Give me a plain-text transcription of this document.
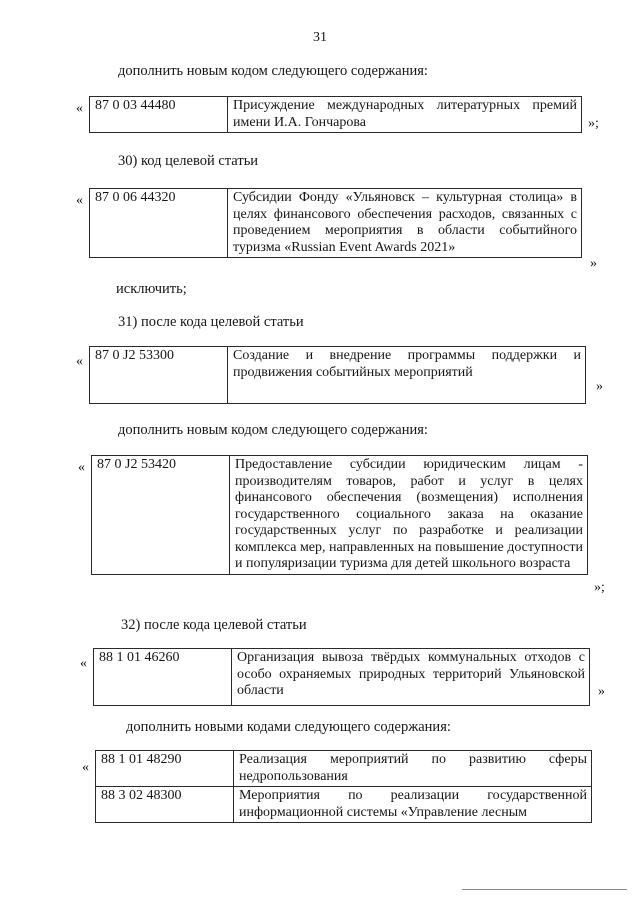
31
дополнить новым кодом следующего содержания:
« 87 0 03 44480	Присуждение международных литературных премий имени И.А. Гончарова	»;
30) код целевой статьи
« 87 0 06 44320	Субсидии Фонду «Ульяновск – культурная столица» в целях финансового обеспечения расходов, связанных с проведением мероприятия в области событийного туризма «Russian Event Awards 2021»
»
исключить;
31) после кода целевой статьи
« 87 0 J2 53300	Создание и внедрение программы поддержки и продвижения событийных мероприятий
»
дополнить новым кодом следующего содержания:
« 87 0 J2 53420	Предоставление субсидии юридическим лицам - производителям товаров, работ и услуг в целях финансового обеспечения (возмещения) исполнения государственного социального заказа на оказание государственных услуг по разработке и реализации комплекса мер, направленных на повышение доступности и популяризации туризма для детей школьного возраста
»;
32) после кода целевой статьи
« 88 1 01 46260	Организация вывоза твёрдых коммунальных отходов с особо охраняемых природных территорий Ульяновской области	»
дополнить новыми кодами следующего содержания:
«
88 1 01 48290	Реализация мероприятий по развитию сферы недропользования
88 3 02 48300	Мероприятия по реализации государственной информационной системы «Управление лесным
